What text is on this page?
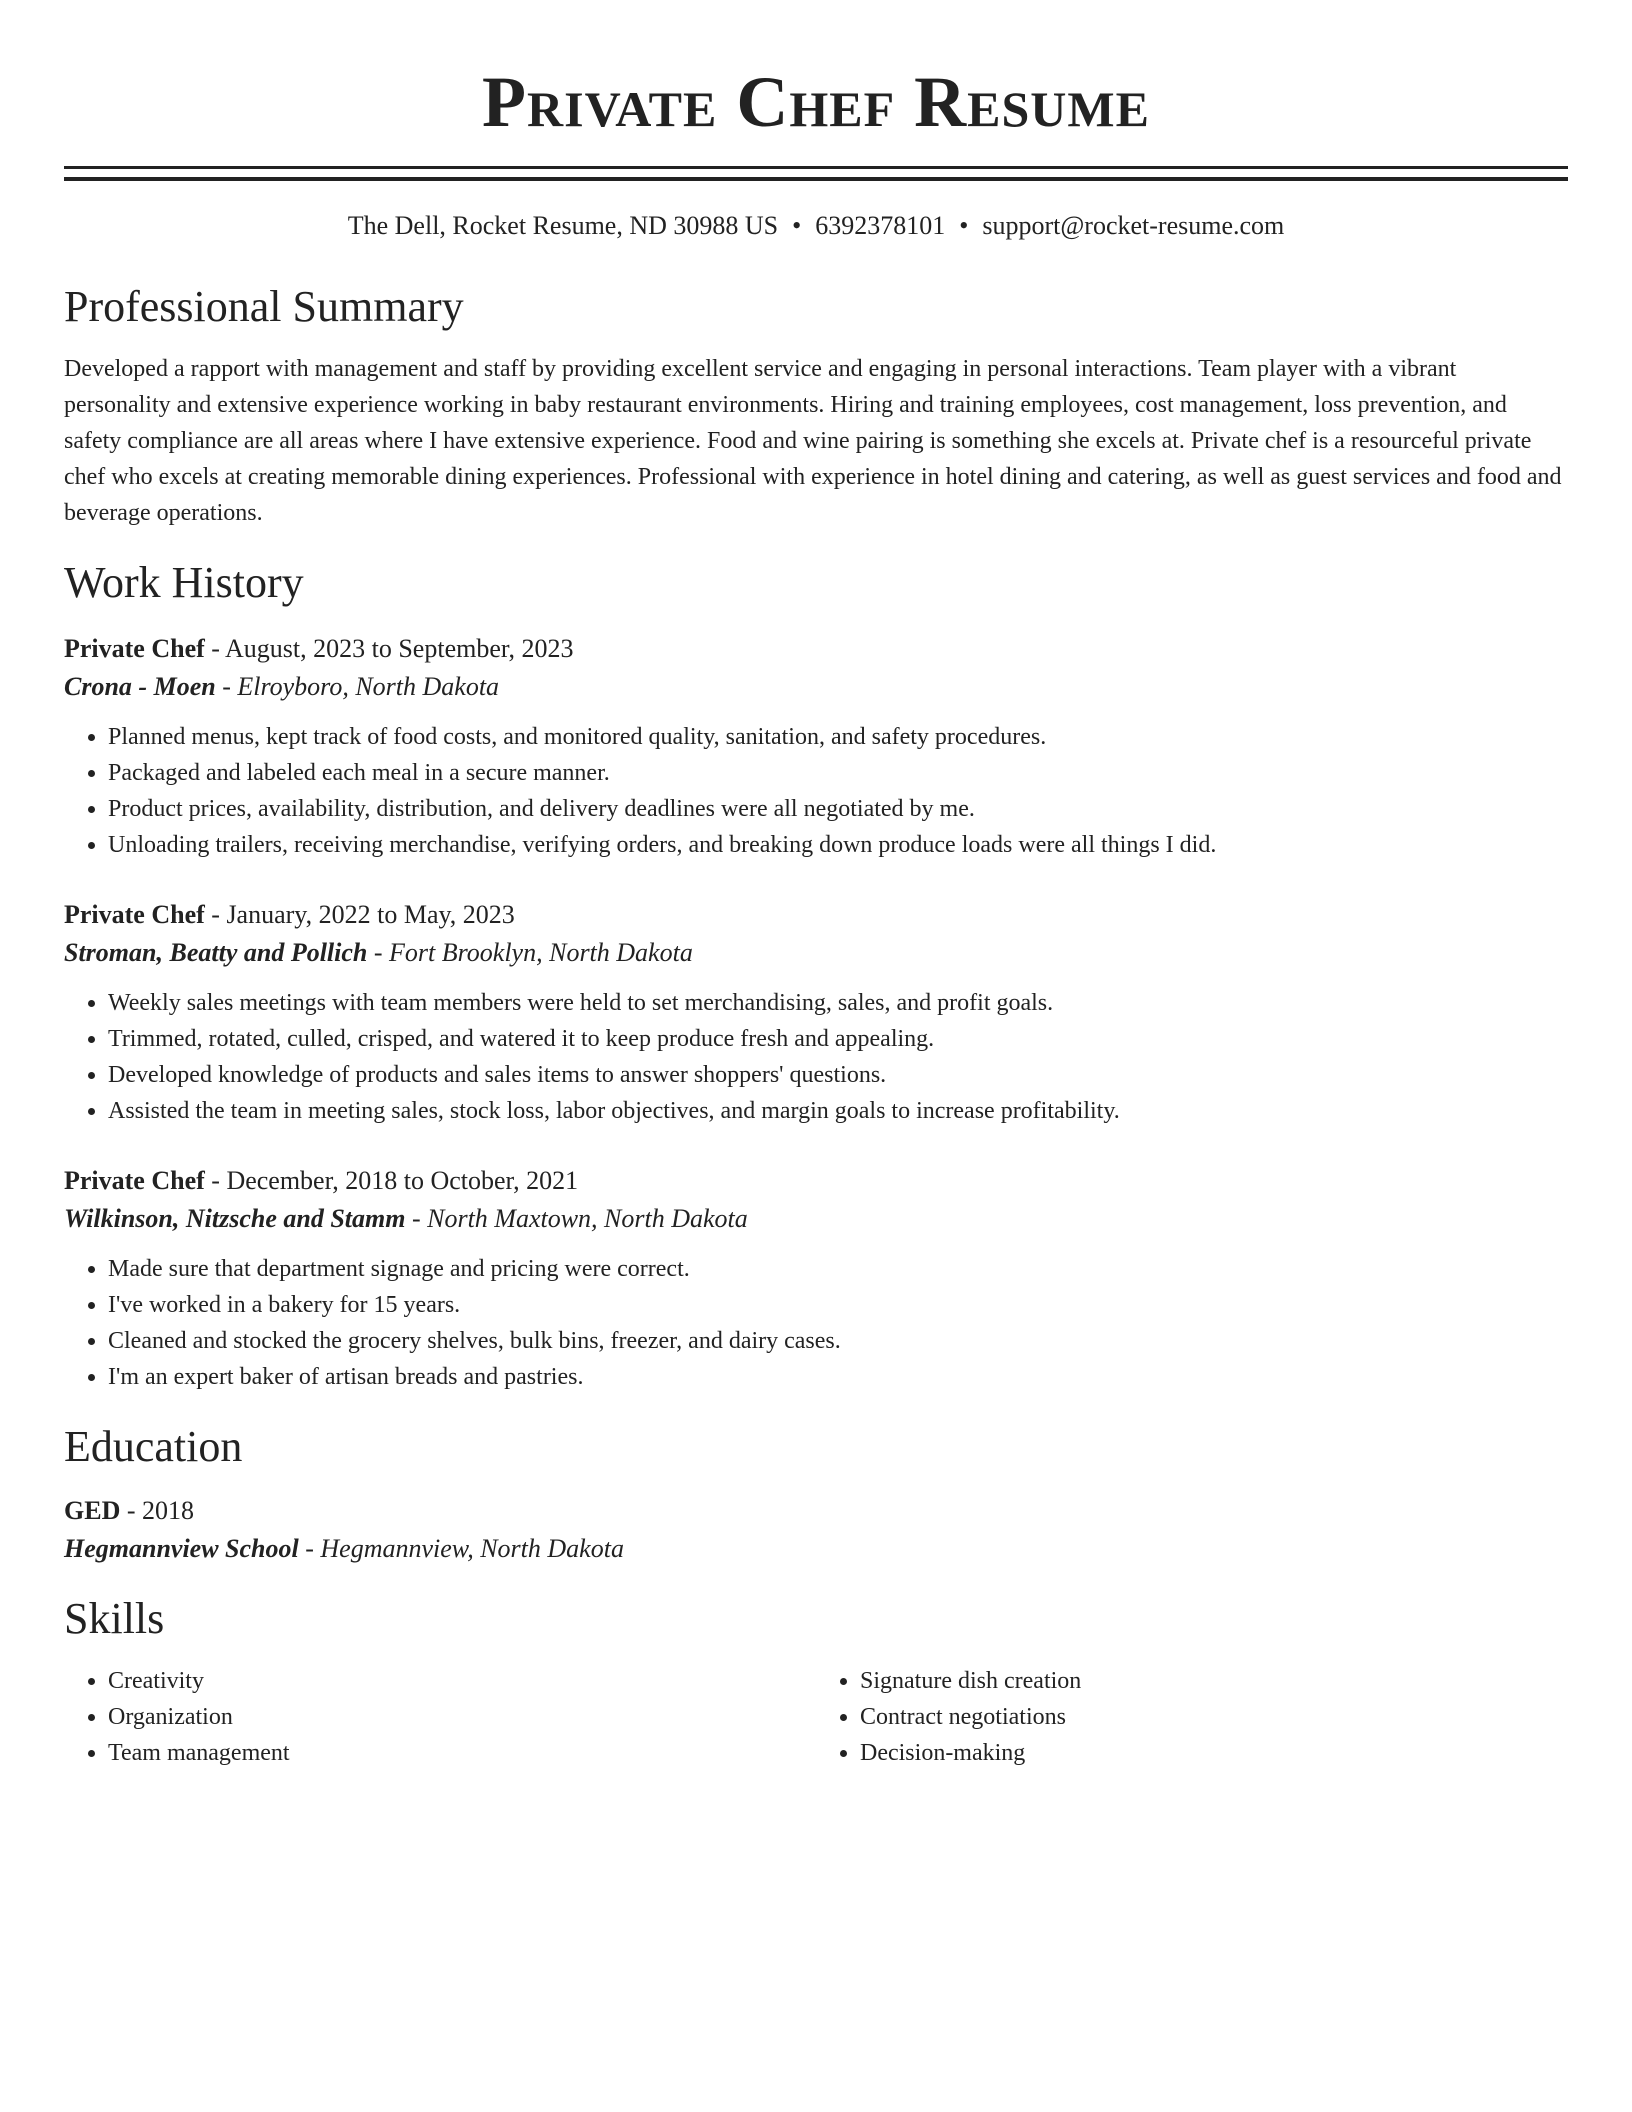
Private Chef Resume
The Dell, Rocket Resume, ND 30988 US • 6392378101 • support@rocket-resume.com
Professional Summary

Developed a rapport with management and staff by providing excellent service and engaging in personal interactions. Team player with a vibrant personality and extensive experience working in baby restaurant environments. Hiring and training employees, cost management, loss prevention, and safety compliance are all areas where I have extensive experience. Food and wine pairing is something she excels at. Private chef is a resourceful private chef who excels at creating memorable dining experiences. Professional with experience in hotel dining and catering, as well as guest services and food and beverage operations.

Work History
Private Chef - August, 2023 to September, 2023
Crona - Moen - Elroyboro, North Dakota
• Planned menus, kept track of food costs, and monitored quality, sanitation, and safety procedures.
• Packaged and labeled each meal in a secure manner.
• Product prices, availability, distribution, and delivery deadlines were all negotiated by me.
• Unloading trailers, receiving merchandise, verifying orders, and breaking down produce loads were all things I did.
Private Chef - January, 2022 to May, 2023
Stroman, Beatty and Pollich - Fort Brooklyn, North Dakota
• Weekly sales meetings with team members were held to set merchandising, sales, and profit goals.
• Trimmed, rotated, culled, crisped, and watered it to keep produce fresh and appealing.
• Developed knowledge of products and sales items to answer shoppers' questions.
• Assisted the team in meeting sales, stock loss, labor objectives, and margin goals to increase profitability.
Private Chef - December, 2018 to October, 2021
Wilkinson, Nitzsche and Stamm - North Maxtown, North Dakota
• Made sure that department signage and pricing were correct.
• I've worked in a bakery for 15 years.
• Cleaned and stocked the grocery shelves, bulk bins, freezer, and dairy cases.
• I'm an expert baker of artisan breads and pastries.
Education
GED - 2018
Hegmannview School - Hegmannview, North Dakota
Skills
• Creativity
• Organization
• Team management
• Signature dish creation
• Contract negotiations
• Decision-making
